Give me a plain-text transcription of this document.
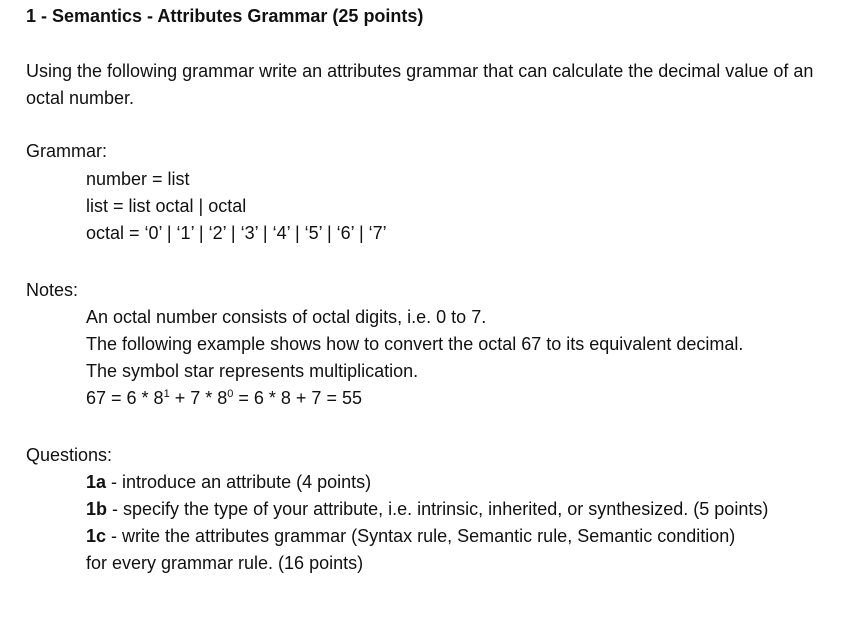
1 - Semantics - Attributes Grammar (25 points)
Using the following grammar write an attributes grammar that can calculate the decimal value of an octal number.
Grammar:
number = list
list = list octal | octal
octal = ‘0’ | ‘1’ | ‘2’ | ‘3’ | ‘4’ | ‘5’ | ‘6’ | ‘7’
Notes:
An octal number consists of octal digits, i.e. 0 to 7.
The following example shows how to convert the octal 67 to its equivalent decimal. The symbol star represents multiplication.
$67 = 6 * 8^1 + 7 * 8^0 = 6 * 8 + 7 = 55$
Questions:
1a - introduce an attribute (4 points)
1b - specify the type of your attribute, i.e. intrinsic, inherited, or synthesized. (5 points)
1c - write the attributes grammar (Syntax rule, Semantic rule, Semantic condition) for every grammar rule. (16 points)
